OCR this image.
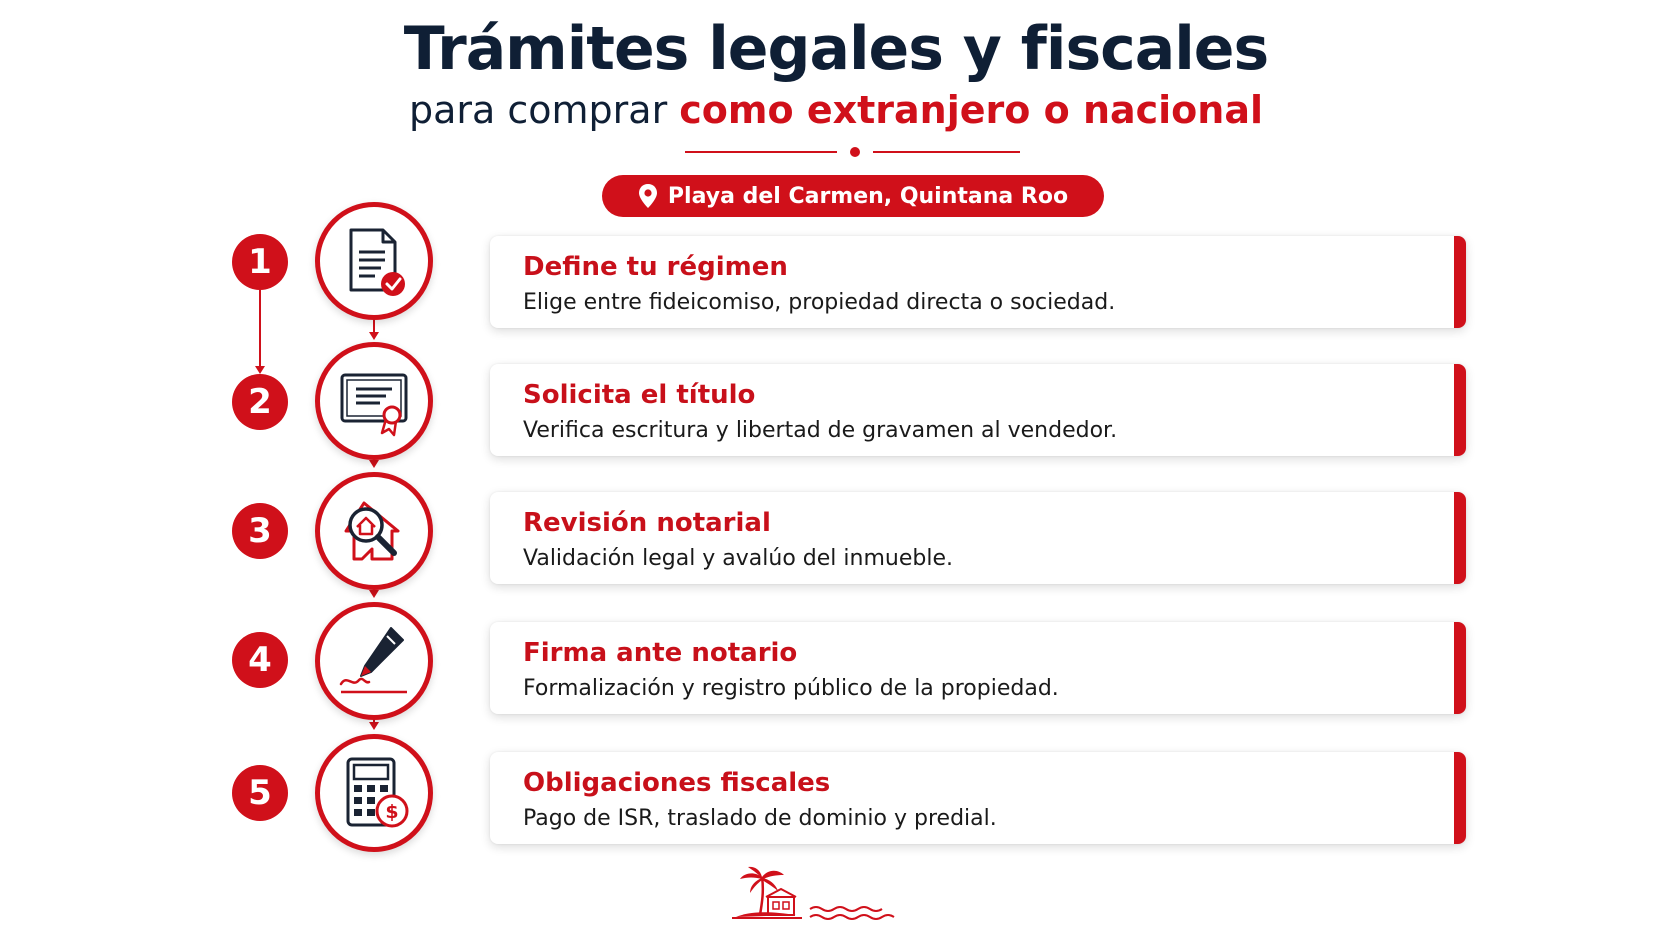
Trámites legales y fiscales
para comprar como extranjero o nacional
Playa del Carmen, Quintana Roo
1	Define tu régimen
Elige entre fideicomiso, propiedad directa o sociedad.
2	Solicita el título
Verifica escritura y libertad de gravamen al vendedor.
3	Revisión notarial
Validación legal y avalúo del inmueble.
4	Firma ante notario
Formalización y registro público de la propiedad.
5	$
Obligaciones fiscales
Pago de ISR, traslado de dominio y predial.
